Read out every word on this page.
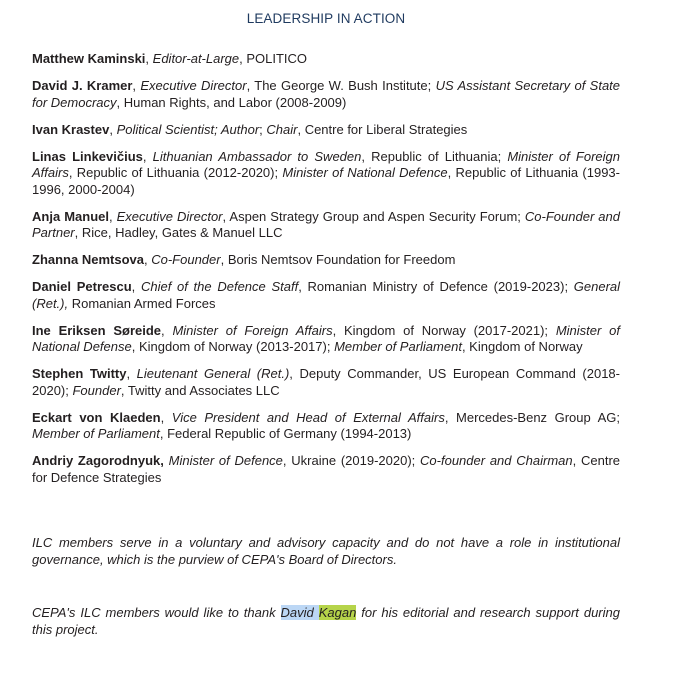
LEADERSHIP IN ACTION

Matthew Kaminski, Editor-at-Large, POLITICO

David J. Kramer, Executive Director, The George W. Bush Institute; US Assistant Secretary of State for Democracy, Human Rights, and Labor (2008-2009)

Ivan Krastev, Political Scientist; Author; Chair, Centre for Liberal Strategies

Linas Linkevičius, Lithuanian Ambassador to Sweden, Republic of Lithuania; Minister of Foreign Affairs, Republic of Lithuania (2012-2020); Minister of National Defence, Republic of Lithuania (1993-1996, 2000-2004)

Anja Manuel, Executive Director, Aspen Strategy Group and Aspen Security Forum; Co-Founder and Partner, Rice, Hadley, Gates & Manuel LLC

Zhanna Nemtsova, Co-Founder, Boris Nemtsov Foundation for Freedom

Daniel Petrescu, Chief of the Defence Staff, Romanian Ministry of Defence (2019-2023); General (Ret.), Romanian Armed Forces

Ine Eriksen Søreide, Minister of Foreign Affairs, Kingdom of Norway (2017-2021); Minister of National Defense, Kingdom of Norway (2013-2017); Member of Parliament, Kingdom of Norway

Stephen Twitty, Lieutenant General (Ret.), Deputy Commander, US European Command (2018-2020); Founder, Twitty and Associates LLC

Eckart von Klaeden, Vice President and Head of External Affairs, Mercedes-Benz Group AG; Member of Parliament, Federal Republic of Germany (1994-2013)

Andriy Zagorodnyuk, Minister of Defence, Ukraine (2019-2020); Co-founder and Chairman, Centre for Defence Strategies

ILC members serve in a voluntary and advisory capacity and do not have a role in institutional governance, which is the purview of CEPA's Board of Directors.

CEPA's ILC members would like to thank David Kagan for his editorial and research support during this project.
